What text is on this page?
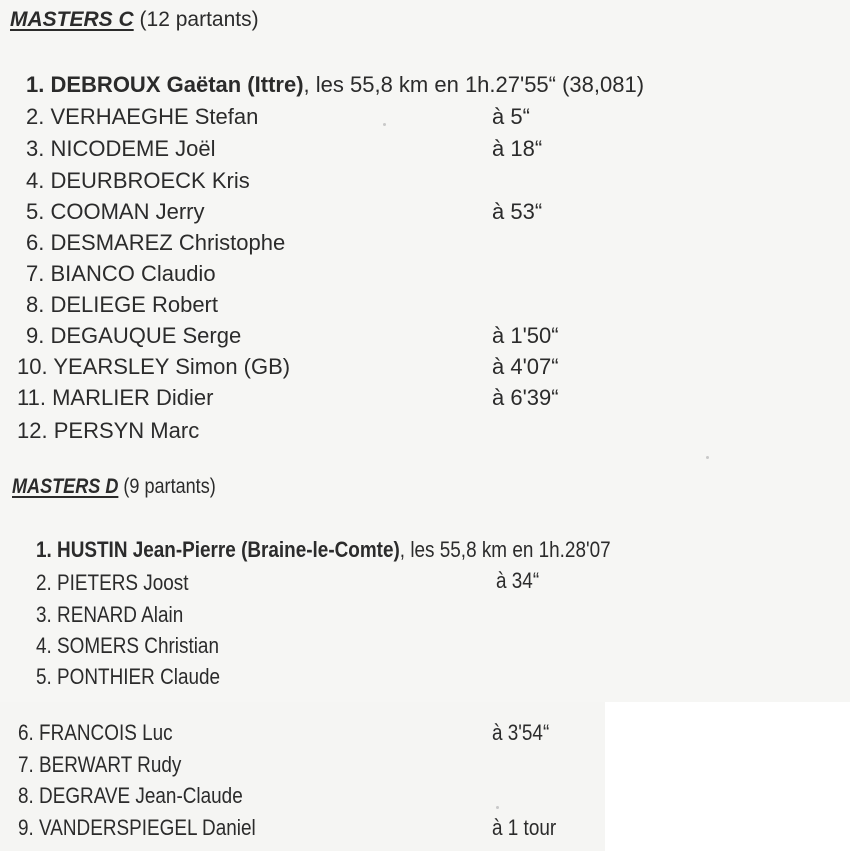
MASTERS C (12 partants)
1. DEBROUX Gaëtan (Ittre), les 55,8 km en 1h.27'55“ (38,081)
2. VERHAEGHE Stefan	à 5“
3. NICODEME Joël	à 18“
4. DEURBROECK Kris
5. COOMAN Jerry	à 53“
6. DESMAREZ Christophe
7. BIANCO Claudio
8. DELIEGE Robert
9. DEGAUQUE Serge	à 1'50“
10. YEARSLEY Simon (GB)	à 4'07“
11. MARLIER Didier	à 6'39“
12. PERSYN Marc
MASTERS D (9 partants)
1. HUSTIN Jean-Pierre (Braine-le-Comte), les 55,8 km en 1h.28'07
2. PIETERS Joost	à 34“
3. RENARD Alain
4. SOMERS Christian
5. PONTHIER Claude
6. FRANCOIS Luc	à 3'54“
7. BERWART Rudy
8. DEGRAVE Jean-Claude
9. VANDERSPIEGEL Daniel	à 1 tour
